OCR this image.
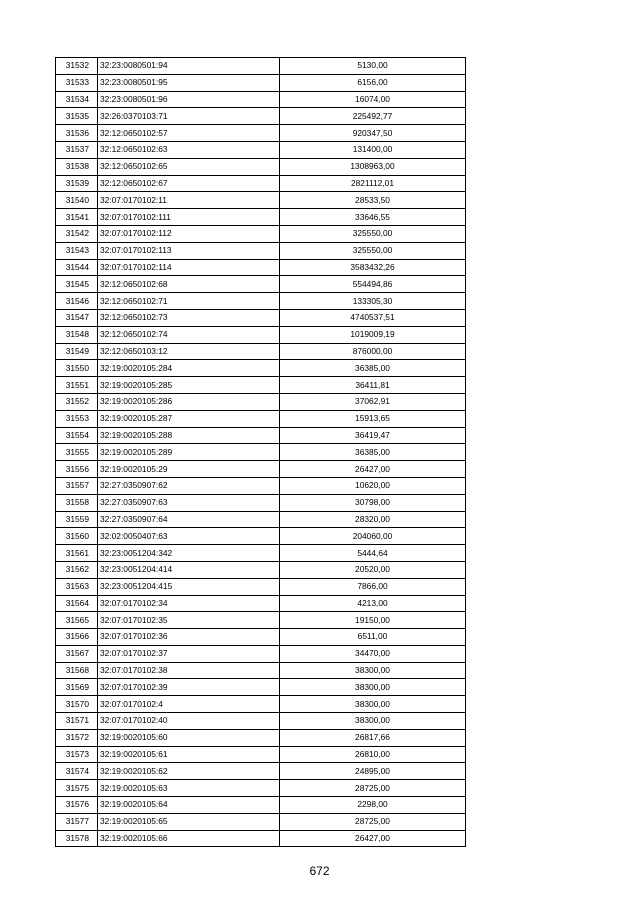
31532	32:23:0080501:94	5130,00
31533	32:23:0080501:95	6156,00
31534	32:23:0080501:96	16074,00
31535	32:26:0370103:71	225492,77
31536	32:12:0650102:57	920347,50
31537	32:12:0650102:63	131400,00
31538	32:12:0650102:65	1308963,00
31539	32:12:0650102:67	2821112,01
31540	32:07:0170102:11	28533,50
31541	32:07:0170102:111	33646,55
31542	32:07:0170102:112	325550,00
31543	32:07:0170102:113	325550,00
31544	32:07:0170102:114	3583432,26
31545	32:12:0650102:68	554494,86
31546	32:12:0650102:71	133305,30
31547	32:12:0650102:73	4740537,51
31548	32:12:0650102:74	1019009,19
31549	32:12:0650103:12	876000,00
31550	32:19:0020105:284	36385,00
31551	32:19:0020105:285	36411,81
31552	32:19:0020105:286	37062,91
31553	32:19:0020105:287	15913,65
31554	32:19:0020105:288	36419,47
31555	32:19:0020105:289	36385,00
31556	32:19:0020105:29	26427,00
31557	32:27:0350907:62	10620,00
31558	32:27:0350907:63	30798,00
31559	32:27:0350907:64	28320,00
31560	32:02:0050407:63	204060,00
31561	32:23:0051204:342	5444,64
31562	32:23:0051204:414	20520,00
31563	32:23:0051204:415	7866,00
31564	32:07:0170102:34	4213,00
31565	32:07:0170102:35	19150,00
31566	32:07:0170102:36	6511,00
31567	32:07:0170102:37	34470,00
31568	32:07:0170102:38	38300,00
31569	32:07:0170102:39	38300,00
31570	32:07:0170102:4	38300,00
31571	32:07:0170102:40	38300,00
31572	32:19:0020105:60	26817,66
31573	32:19:0020105:61	26810,00
31574	32:19:0020105:62	24895,00
31575	32:19:0020105:63	28725,00
31576	32:19:0020105:64	2298,00
31577	32:19:0020105:65	28725,00
31578	32:19:0020105:66	26427,00
672
